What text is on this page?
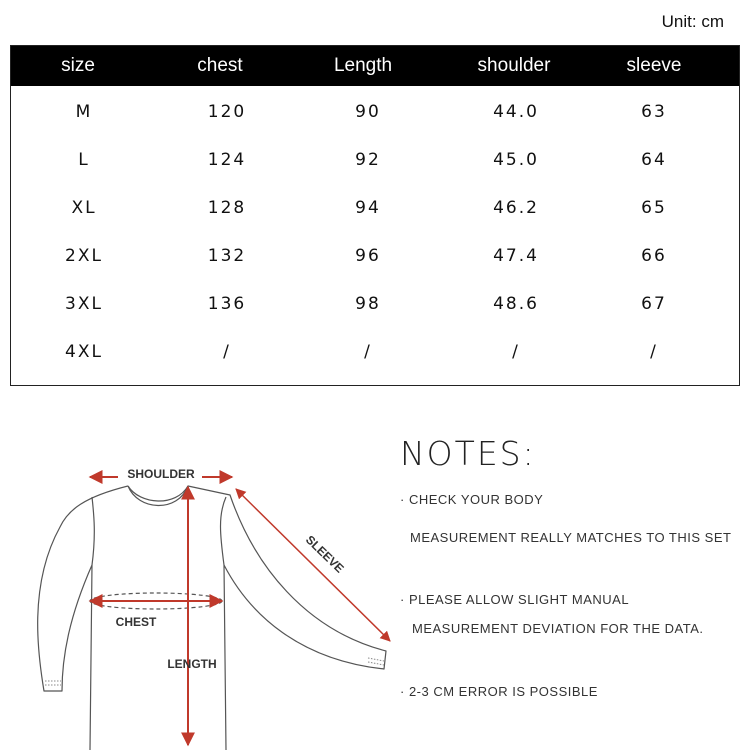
Unit: cm
size	chest	Length	shoulder	sleeve
M	120	90	44.0	63
L	124	92	45.0	64
XL	128	94	46.2	65
2XL	132	96	47.4	66
3XL	136	98	48.6	67
4XL	/	/	/	/
SHOULDER
SLEEVE
CHEST
LENGTH
NOTES:
· CHECK YOUR BODY
MEASUREMENT REALLY MATCHES TO THIS SET
· PLEASE ALLOW SLIGHT MANUAL
MEASUREMENT DEVIATION FOR THE DATA.
· 2-3 CM ERROR IS POSSIBLE
